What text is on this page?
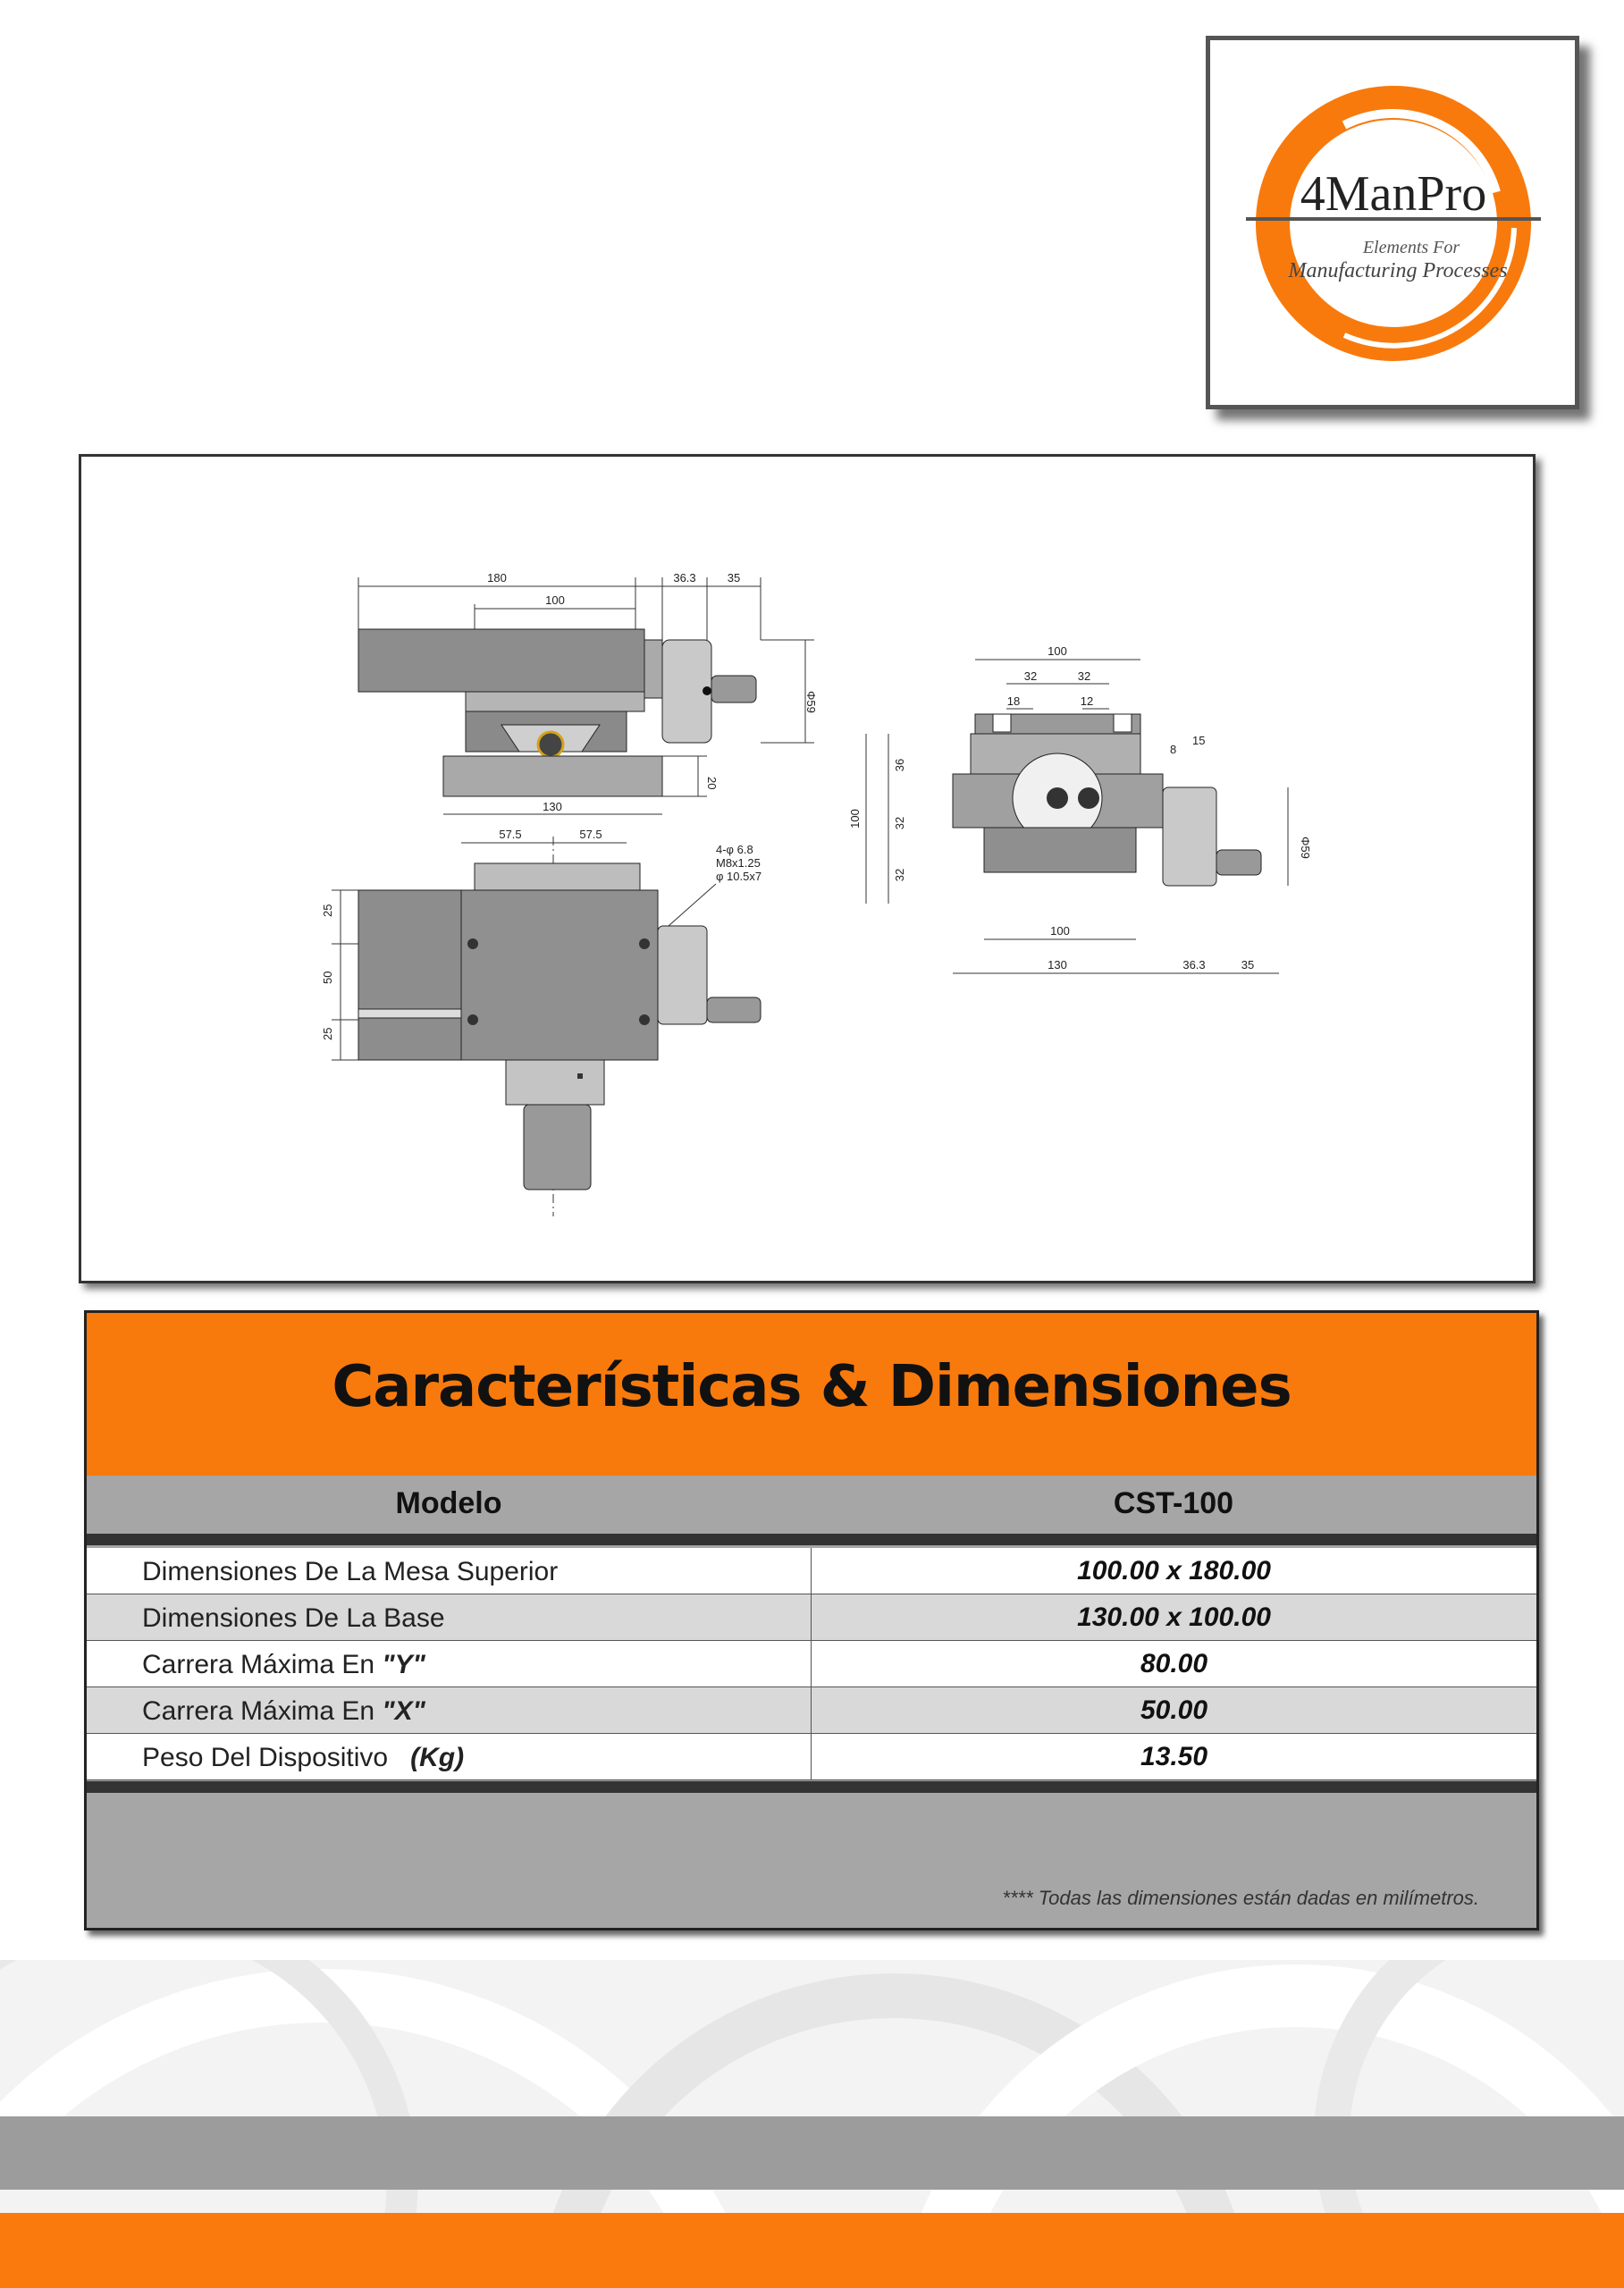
4ManPro
Elements For
Manufacturing Processes
180
100
36.3	35
Φ59
20
130
57.5	57.5
4-φ 6.8
M8x1.25
φ 10.5x7
25
50
25
100
32	32
18	12
8
15
100
36
32
32
Φ59
100
130	36.3	35
Características & Dimensiones
Modelo	CST-100
Dimensiones De La Mesa Superior	100.00 x 180.00
Dimensiones De La Base	130.00 x 100.00
Carrera Máxima En "Y"	80.00
Carrera Máxima En "X"	50.00
Peso Del Dispositivo   (Kg)	13.50
**** Todas las dimensiones están dadas en milímetros.
